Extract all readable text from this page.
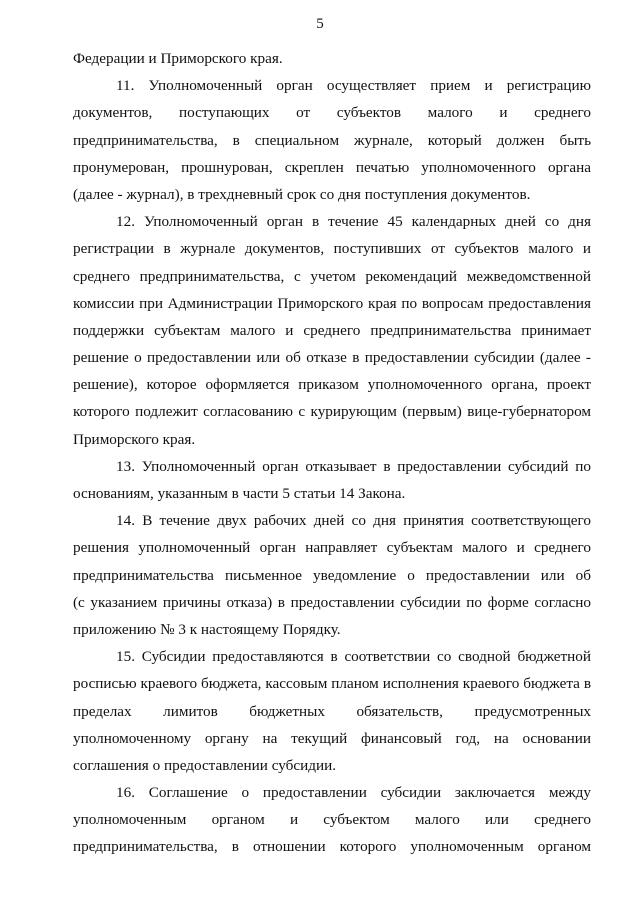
5
Федерации и Приморского края.
11. Уполномоченный орган осуществляет прием и регистрацию
документов, поступающих от субъектов малого и среднего
предпринимательства, в специальном журнале, который должен быть
пронумерован, прошнурован, скреплен печатью уполномоченного органа
(далее - журнал), в трехдневный срок со дня поступления документов.
12. Уполномоченный орган в течение 45 календарных дней со дня
регистрации в журнале документов, поступивших от субъектов малого и
среднего предпринимательства, с учетом рекомендаций межведомственной
комиссии при Администрации Приморского края по вопросам предоставления
поддержки субъектам малого и среднего предпринимательства принимает
решение о предоставлении или об отказе в предоставлении субсидии (далее -
решение), которое оформляется приказом уполномоченного органа, проект
которого подлежит согласованию с курирующим (первым) вице-губернатором
Приморского края.
13. Уполномоченный орган отказывает в предоставлении субсидий по
основаниям, указанным в части 5 статьи 14 Закона.
14. В течение двух рабочих дней со дня принятия соответствующего
решения уполномоченный орган направляет субъектам малого и среднего
предпринимательства письменное уведомление о предоставлении или об
(с указанием причины отказа) в предоставлении субсидии по форме согласно
приложению № 3 к настоящему Порядку.
15. Субсидии предоставляются в соответствии со сводной бюджетной
росписью краевого бюджета, кассовым планом исполнения краевого бюджета в
пределах лимитов бюджетных обязательств, предусмотренных
уполномоченному органу на текущий финансовый год, на основании
соглашения о предоставлении субсидии.
16. Соглашение о предоставлении субсидии заключается между
уполномоченным органом и субъектом малого или среднего
предпринимательства, в отношении которого уполномоченным органом
